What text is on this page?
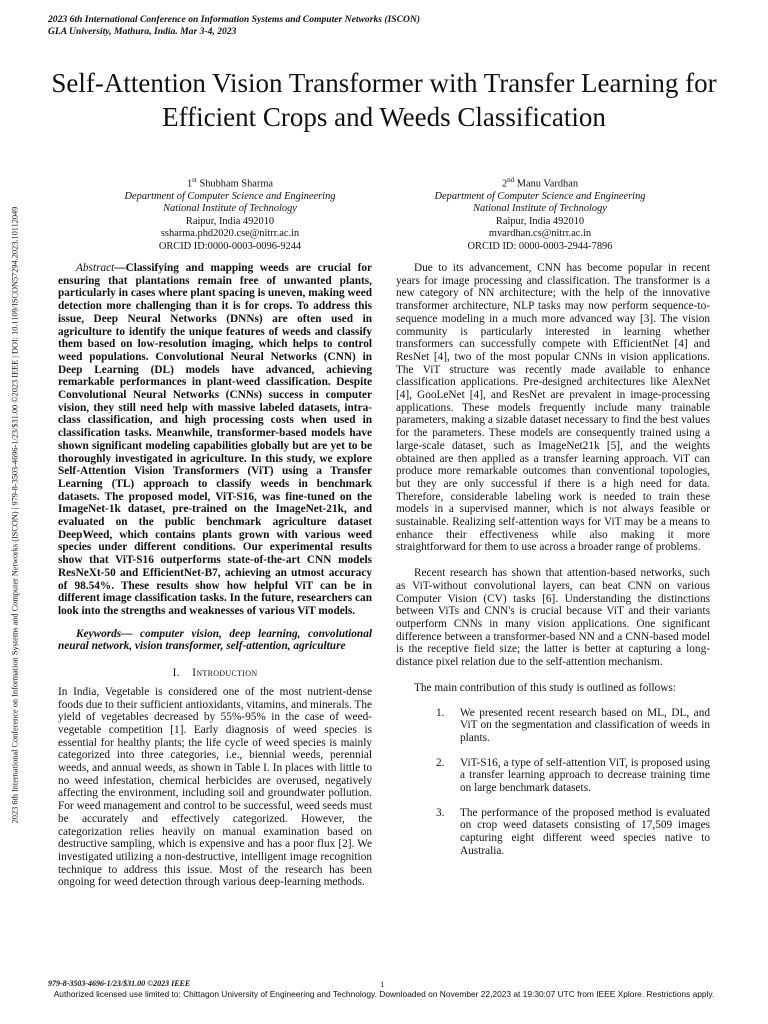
2023 6th International Conference on Information Systems and Computer Networks (ISCON)
GLA University, Mathura, India. Mar 3-4, 2023
Self-Attention Vision Transformer with Transfer Learning for Efficient Crops and Weeds Classification
1st Shubham Sharma
Department of Computer Science and Engineering
National Institute of Technology
Raipur, India 492010
ssharma.phd2020.cse@nitrr.ac.in
ORCID ID:0000-0003-0096-9244
2nd Manu Vardhan
Department of Computer Science and Engineering
National Institute of Technology
Raipur, India 492010
mvardhan.cs@nitrr.ac.in
ORCID ID: 0000-0003-2944-7896
2023 6th International Conference on Information Systems and Computer Networks (ISCON) | 979-8-3503-4696-1/23/$31.00 ©2023 IEEE | DOI: 10.1109/ISCON57294.2023.10112049	Abstract—Classifying and mapping weeds are crucial for ensuring that plantations remain free of unwanted plants, particularly in cases where plant spacing is uneven, making weed detection more challenging than it is for crops. To address this issue, Deep Neural Networks (DNNs) are often used in agriculture to identify the unique features of weeds and classify them based on low-resolution imaging, which helps to control weed populations. Convolutional Neural Networks (CNN) in Deep Learning (DL) models have advanced, achieving remarkable performances in plant-weed classification. Despite Convolutional Neural Networks (CNNs) success in computer vision, they still need help with massive labeled datasets, intra-class classification, and high processing costs when used in classification tasks. Meanwhile, transformer-based models have shown significant modeling capabilities globally but are yet to be thoroughly investigated in agriculture. In this study, we explore Self-Attention Vision Transformers (ViT) using a Transfer Learning (TL) approach to classify weeds in benchmark datasets. The proposed model, ViT-S16, was fine-tuned on the ImageNet-1k dataset, pre-trained on the ImageNet-21k, and evaluated on the public benchmark agriculture dataset DeepWeed, which contains plants grown with various weed species under different conditions. Our experimental results show that ViT-S16 outperforms state-of-the-art CNN models ResNeXt-50 and EfficientNet-B7, achieving an utmost accuracy of 98.54%. These results show how helpful ViT can be in different image classification tasks. In the future, researchers can look into the strengths and weaknesses of various ViT models.

Keywords— computer vision, deep learning, convolutional neural network, vision transformer, self-attention, agriculture

I. Introduction

In India, Vegetable is considered one of the most nutrient-dense foods due to their sufficient antioxidants, vitamins, and minerals. The yield of vegetables decreased by 55%-95% in the case of weed-vegetable competition [1]. Early diagnosis of weed species is essential for healthy plants; the life cycle of weed species is mainly categorized into three categories, i.e., biennial weeds, perennial weeds, and annual weeds, as shown in Table I. In places with little to no weed infestation, chemical herbicides are overused, negatively affecting the environment, including soil and groundwater pollution. For weed management and control to be successful, weed seeds must be accurately and effectively categorized. However, the categorization relies heavily on manual examination based on destructive sampling, which is expensive and has a poor flux [2]. We investigated utilizing a non-destructive, intelligent image recognition technique to address this issue. Most of the research has been ongoing for weed detection through various deep-learning methods.

Due to its advancement, CNN has become popular in recent years for image processing and classification. The transformer is a new category of NN architecture; with the help of the innovative transformer architecture, NLP tasks may now perform sequence-to-sequence modeling in a much more advanced way [3]. The vision community is particularly interested in learning whether transformers can successfully compete with EfficientNet [4] and ResNet [4], two of the most popular CNNs in vision applications. The ViT structure was recently made available to enhance classification applications. Pre-designed architectures like AlexNet [4], GooLeNet [4], and ResNet are prevalent in image-processing applications. These models frequently include many trainable parameters, making a sizable dataset necessary to find the best values for the parameters. These models are consequently trained using a large-scale dataset, such as ImageNet21k [5], and the weights obtained are then applied as a transfer learning approach. ViT can produce more remarkable outcomes than conventional topologies, but they are only successful if there is a high need for data. Therefore, considerable labeling work is needed to train these models in a supervised manner, which is not always feasible or sustainable. Realizing self-attention ways for ViT may be a means to enhance their effectiveness while also making it more straightforward for them to use across a broader range of problems.

Recent research has shown that attention-based networks, such as ViT-without convolutional layers, can beat CNN on various Computer Vision (CV) tasks [6]. Understanding the distinctions between ViTs and CNN's is crucial because ViT and their variants outperform CNNs in many vision applications. One significant difference between a transformer-based NN and a CNN-based model is the receptive field size; the latter is better at capturing a long-distance pixel relation due to the self-attention mechanism.

The main contribution of this study is outlined as follows:

1. We presented recent research based on ML, DL, and ViT on the segmentation and classification of weeds in plants.
2. ViT-S16, a type of self-attention ViT, is proposed using a transfer learning approach to decrease training time on large benchmark datasets.
3. The performance of the proposed method is evaluated on crop weed datasets consisting of 17,509 images capturing eight different weed species native to Australia.
979-8-3503-4696-1/23/$31.00 ©2023 IEEE	1
Authorized licensed use limited to: Chittagon University of Engineering and Technology. Downloaded on November 22,2023 at 19:30:07 UTC from IEEE Xplore. Restrictions apply.
